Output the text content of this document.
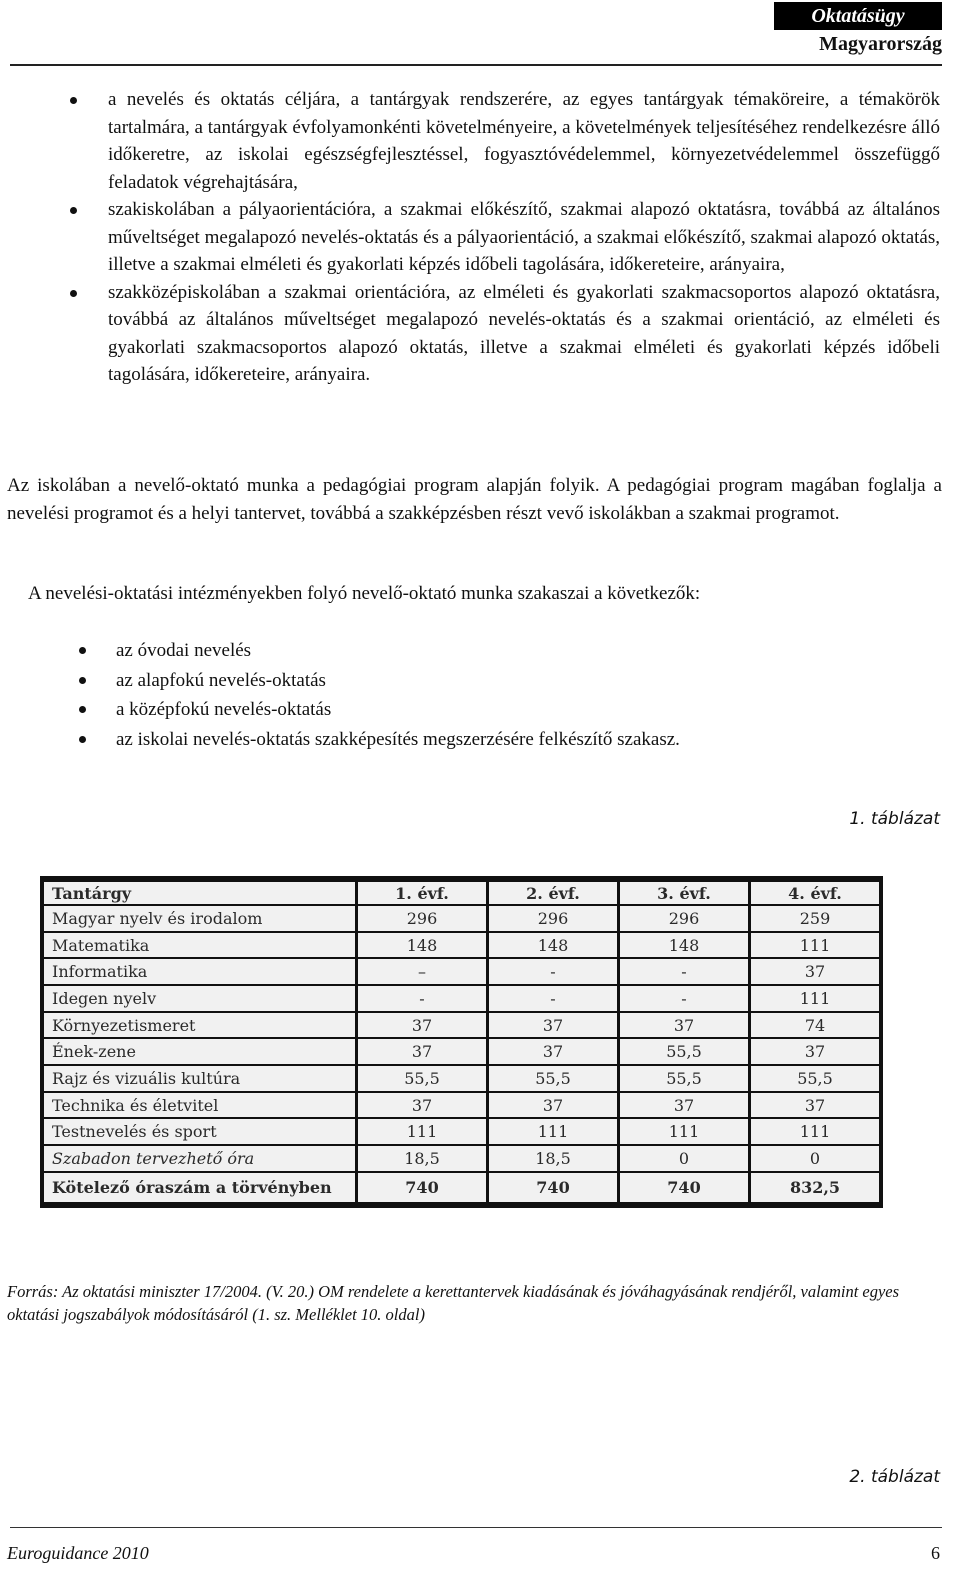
Oktatásügy
Magyarország
a nevelés és oktatás céljára, a tantárgyak rendszerére, az egyes tantárgyak témaköreire, a témakörök tartalmára, a tantárgyak évfolyamonkénti követelményeire, a követelmények teljesítéséhez rendelkezésre álló időkeretre, az iskolai egészségfejlesztéssel, fogyasztóvédelemmel, környezetvédelemmel összefüggő feladatok végrehajtására,
szakiskolában a pályaorientációra, a szakmai előkészítő, szakmai alapozó oktatásra, továbbá az általános műveltséget megalapozó nevelés-oktatás és a pályaorientáció, a szakmai előkészítő, szakmai alapozó oktatás, illetve a szakmai elméleti és gyakorlati képzés időbeli tagolására, időkereteire, arányaira,
szakközépiskolában a szakmai orientációra, az elméleti és gyakorlati szakmacsoportos alapozó oktatásra, továbbá az általános műveltséget megalapozó nevelés-oktatás és a szakmai orientáció, az elméleti és gyakorlati szakmacsoportos alapozó oktatás, illetve a szakmai elméleti és gyakorlati képzés időbeli tagolására, időkereteire, arányaira.

Az iskolában a nevelő-oktató munka a pedagógiai program alapján folyik. A pedagógiai program magában foglalja a nevelési programot és a helyi tantervet, továbbá a szakképzésben részt vevő iskolákban a szakmai programot.

A nevelési-oktatási intézményekben folyó nevelő-oktató munka szakaszai a következők:

az óvodai nevelés
az alapfokú nevelés-oktatás
a középfokú nevelés-oktatás
az iskolai nevelés-oktatás szakképesítés megszerzésére felkészítő szakasz.
1. táblázat
Tantárgy	1. évf.	2. évf.	3. évf.	4. évf.
Magyar nyelv és irodalom	296	296	296	259
Matematika	148	148	148	111
Informatika	–	-	-	37
Idegen nyelv	-	-	-	111
Környezetismeret	37	37	37	74
Ének-zene	37	37	55,5	37
Rajz és vizuális kultúra	55,5	55,5	55,5	55,5
Technika és életvitel	37	37	37	37
Testnevelés és sport	111	111	111	111
Szabadon tervezhető óra	18,5	18,5	0	0
Kötelező óraszám a törvényben	740	740	740	832,5

Forrás: Az oktatási miniszter 17/2004. (V. 20.) OM rendelete a kerettantervek kiadásának és jóváhagyásának rendjéről, valamint egyes oktatási jogszabályok módosításáról (1. sz. Melléklet 10. oldal)

2. táblázat
Euroguidance 2010	6
